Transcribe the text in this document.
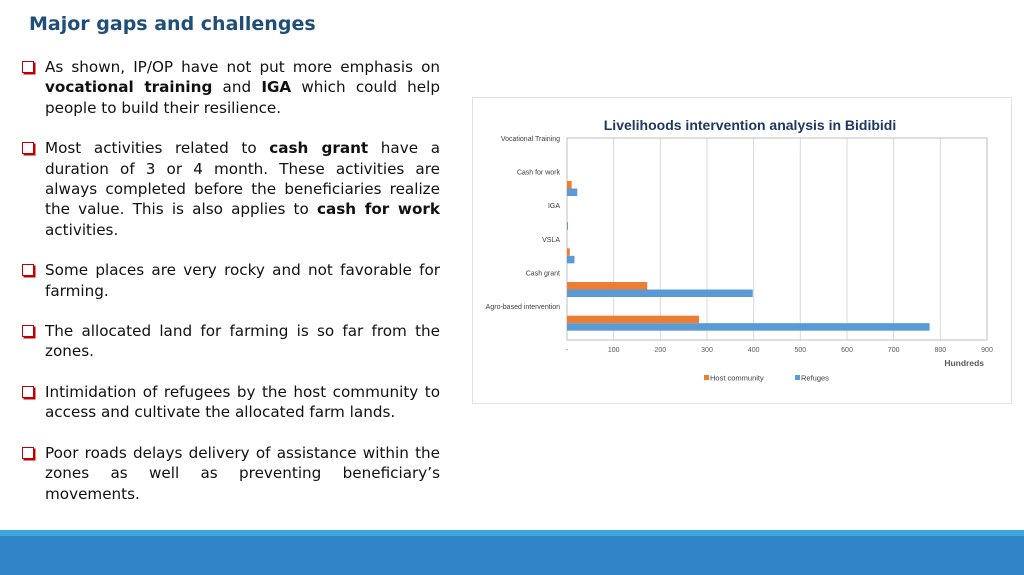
Major gaps and challenges
As shown, IP/OP have not put more emphasis on vocational training and IGA which could help people to build their resilience.
Most activities related to cash grant have a duration of 3 or 4 month. These activities are always completed before the beneficiaries realize the value. This is also applies to cash for work activities.
Some places are very rocky and not favorable for farming.
The allocated land for farming is so far from the zones.
Intimidation of refugees by the host community to access and cultivate the allocated farm lands.
Poor roads delays delivery of assistance within the zones as well as preventing beneficiary’s movements.
Livelihoods intervention analysis in Bidibidi
-	100	200	300	400	500	600	700	800	900
Vocational Training
Cash for work
IGA
VSLA
Cash grant
Agro-based intervention
Hundreds
Host community	Refuges
